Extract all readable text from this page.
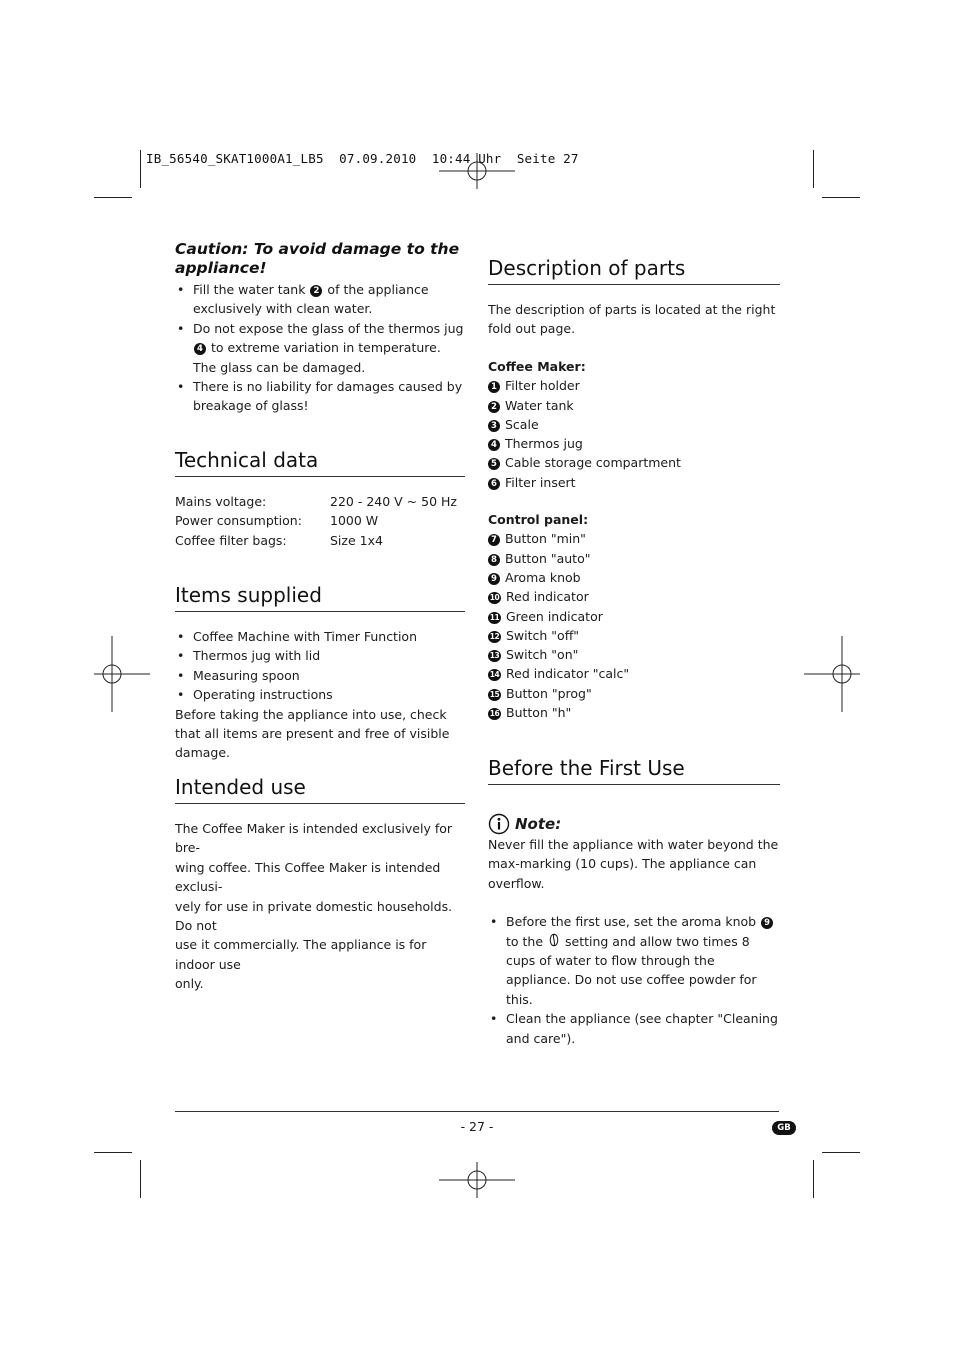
IB_56540_SKAT1000A1_LB5  07.09.2010  10:44 Uhr  Seite 27
Caution: To avoid damage to the appliance!
• Fill the water tank 2 of the appliance exclusively with clean water.
• Do not expose the glass of the thermos jug 4 to extreme variation in temperature. The glass can be damaged.
• There is no liability for damages caused by breakage of glass!
Technical data
Mains voltage:	220 - 240 V ~ 50 Hz
Power consumption:	1000 W
Coffee filter bags:	Size 1x4
Items supplied
• Coffee Machine with Timer Function
• Thermos jug with lid
• Measuring spoon
• Operating instructions
Before taking the appliance into use, check that all items are present and free of visible damage.
Intended use
The Coffee Maker is intended exclusively for bre-
wing coffee. This Coffee Maker is intended exclusi-
vely for use in private domestic households. Do not
use it commercially. The appliance is for indoor use
only.
Description of parts
The description of parts is located at the right fold out page.
Coffee Maker:
1 Filter holder
2 Water tank
3 Scale
4 Thermos jug
5 Cable storage compartment
6 Filter insert
Control panel:
7 Button "min"
8 Button "auto"
9 Aroma knob
10 Red indicator
11 Green indicator
12 Switch "off"
13 Switch "on"
14 Red indicator "calc"
15 Button "prog"
16 Button "h"
Before the First Use
Note:
Never fill the appliance with water beyond the max-marking (10 cups). The appliance can overflow.
• Before the first use, set the aroma knob 9 to the  setting and allow two times 8 cups of water to flow through the appliance. Do not use coffee powder for this.
• Clean the appliance (see chapter "Cleaning and care").
- 27 -	GB
